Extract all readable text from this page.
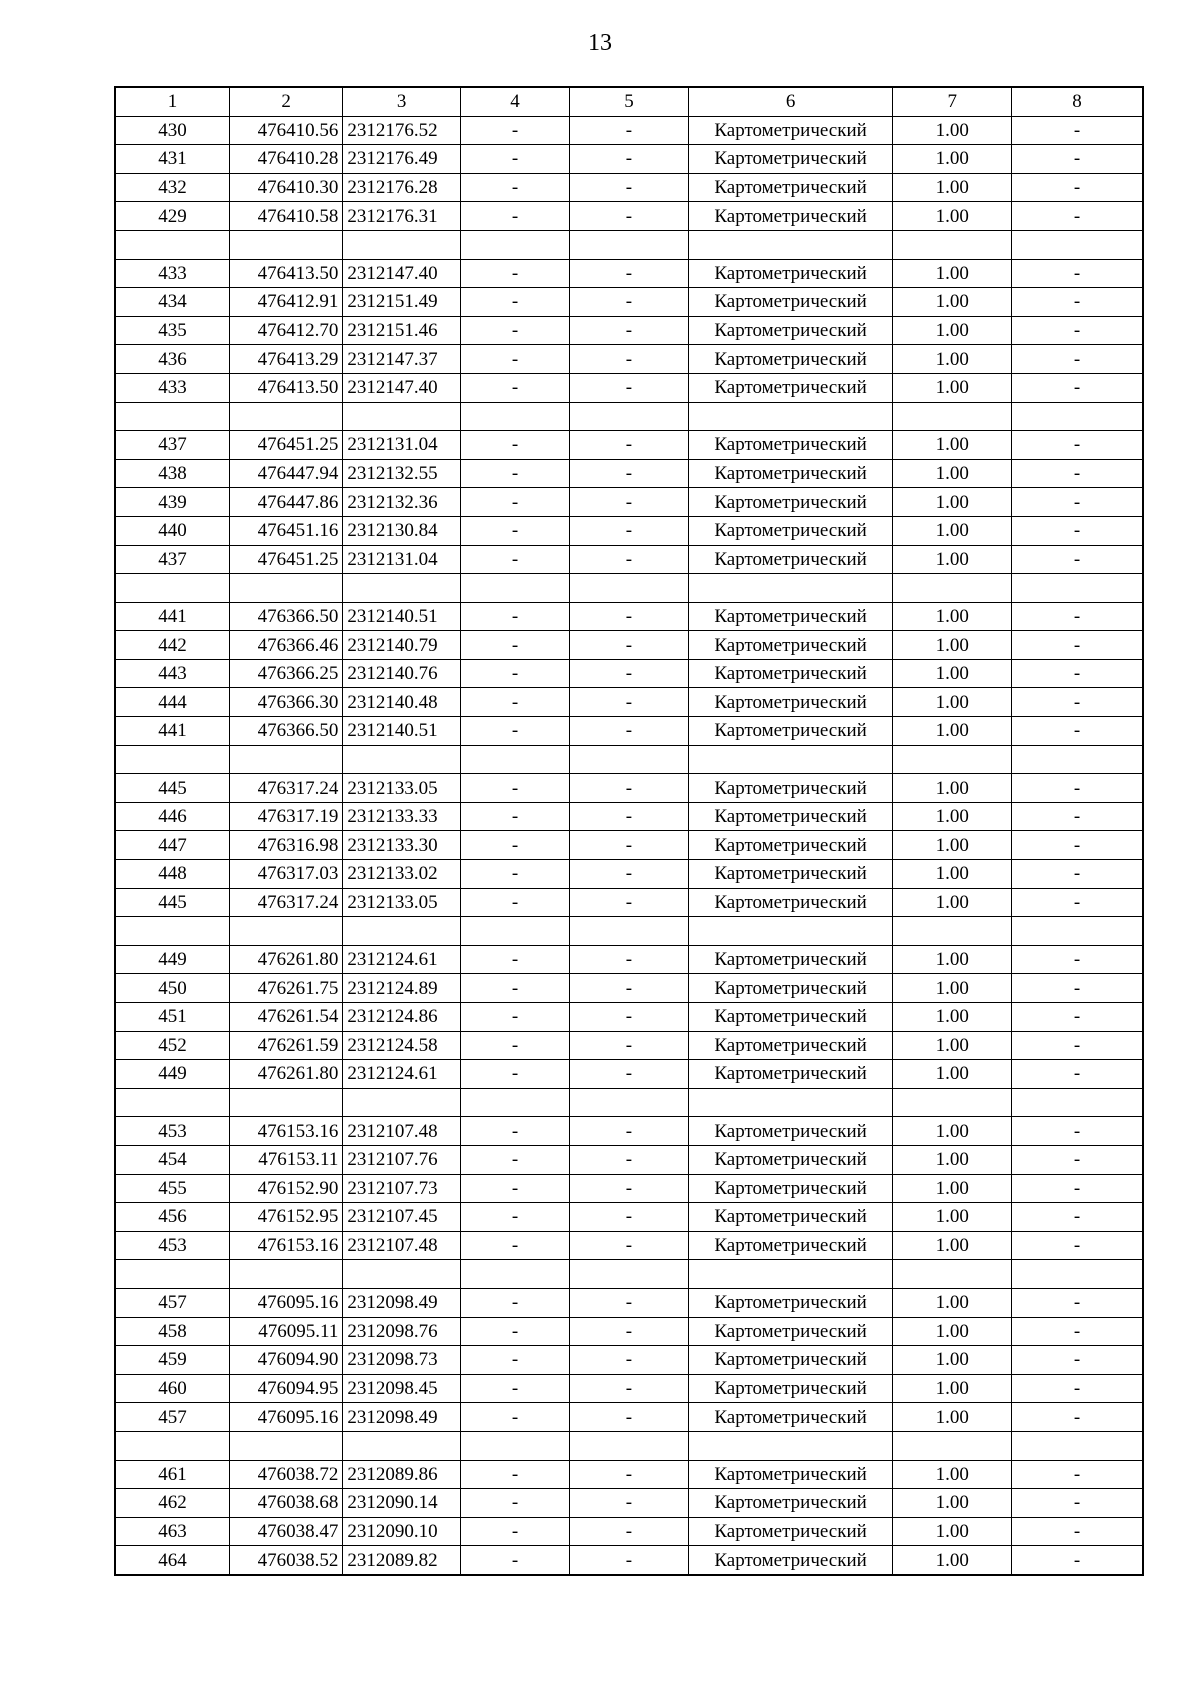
13
1	2	3	4	5	6	7	8
430	476410.56	2312176.52	-	-	Картометрический	1.00	-
431	476410.28	2312176.49	-	-	Картометрический	1.00	-
432	476410.30	2312176.28	-	-	Картометрический	1.00	-
429	476410.58	2312176.31	-	-	Картометрический	1.00	-

433	476413.50	2312147.40	-	-	Картометрический	1.00	-
434	476412.91	2312151.49	-	-	Картометрический	1.00	-
435	476412.70	2312151.46	-	-	Картометрический	1.00	-
436	476413.29	2312147.37	-	-	Картометрический	1.00	-
433	476413.50	2312147.40	-	-	Картометрический	1.00	-

437	476451.25	2312131.04	-	-	Картометрический	1.00	-
438	476447.94	2312132.55	-	-	Картометрический	1.00	-
439	476447.86	2312132.36	-	-	Картометрический	1.00	-
440	476451.16	2312130.84	-	-	Картометрический	1.00	-
437	476451.25	2312131.04	-	-	Картометрический	1.00	-

441	476366.50	2312140.51	-	-	Картометрический	1.00	-
442	476366.46	2312140.79	-	-	Картометрический	1.00	-
443	476366.25	2312140.76	-	-	Картометрический	1.00	-
444	476366.30	2312140.48	-	-	Картометрический	1.00	-
441	476366.50	2312140.51	-	-	Картометрический	1.00	-

445	476317.24	2312133.05	-	-	Картометрический	1.00	-
446	476317.19	2312133.33	-	-	Картометрический	1.00	-
447	476316.98	2312133.30	-	-	Картометрический	1.00	-
448	476317.03	2312133.02	-	-	Картометрический	1.00	-
445	476317.24	2312133.05	-	-	Картометрический	1.00	-

449	476261.80	2312124.61	-	-	Картометрический	1.00	-
450	476261.75	2312124.89	-	-	Картометрический	1.00	-
451	476261.54	2312124.86	-	-	Картометрический	1.00	-
452	476261.59	2312124.58	-	-	Картометрический	1.00	-
449	476261.80	2312124.61	-	-	Картометрический	1.00	-

453	476153.16	2312107.48	-	-	Картометрический	1.00	-
454	476153.11	2312107.76	-	-	Картометрический	1.00	-
455	476152.90	2312107.73	-	-	Картометрический	1.00	-
456	476152.95	2312107.45	-	-	Картометрический	1.00	-
453	476153.16	2312107.48	-	-	Картометрический	1.00	-

457	476095.16	2312098.49	-	-	Картометрический	1.00	-
458	476095.11	2312098.76	-	-	Картометрический	1.00	-
459	476094.90	2312098.73	-	-	Картометрический	1.00	-
460	476094.95	2312098.45	-	-	Картометрический	1.00	-
457	476095.16	2312098.49	-	-	Картометрический	1.00	-

461	476038.72	2312089.86	-	-	Картометрический	1.00	-
462	476038.68	2312090.14	-	-	Картометрический	1.00	-
463	476038.47	2312090.10	-	-	Картометрический	1.00	-
464	476038.52	2312089.82	-	-	Картометрический	1.00	-
